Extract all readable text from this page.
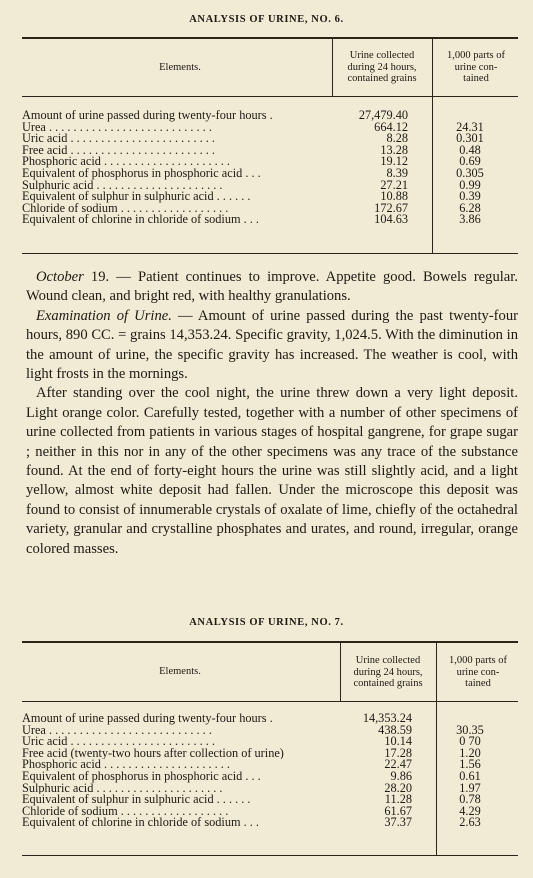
ANALYSIS OF URINE, NO. 6.
Elements.
Urine collected
during 24 hours,
contained grains
1,000 parts of
urine con-
tained
Amount of urine passed during twenty-four hours .	27,479.40
Urea . . . . . . . . . . . . . . . . . . . . . . . . . . .	664.12	24.31
Uric acid . . . . . . . . . . . . . . . . . . . . . . . .	8.28	0.301
Free acid . . . . . . . . . . . . . . . . . . . . . . . .	13.28	0.48
Phosphoric acid . . . . . . . . . . . . . . . . . . . . .	19.12	0.69
Equivalent of phosphorus in phosphoric acid . . .	8.39	0.305
Sulphuric acid . . . . . . . . . . . . . . . . . . . . .	27.21	0.99
Equivalent of sulphur in sulphuric acid . . . . . .	10.88	0.39
Chloride of sodium . . . . . . . . . . . . . . . . . .	172.67	6.28
Equivalent of chlorine in chloride of sodium . . .	104.63	3.86

October 19. — Patient continues to improve. Appetite good. Bowels regular. Wound clean, and bright red, with healthy granulations.

Examination of Urine. — Amount of urine passed during the past twenty-four hours, 890 CC. = grains 14,353.24. Specific gravity, 1,024.5. With the diminution in the amount of urine, the specific gravity has increased. The weather is cool, with light frosts in the mornings.

After standing over the cool night, the urine threw down a very light deposit. Light orange color. Carefully tested, together with a number of other specimens of urine collected from patients in various stages of hospital gangrene, for grape sugar ; neither in this nor in any of the other specimens was any trace of the substance found. At the end of forty-eight hours the urine was still slightly acid, and a light yellow, almost white deposit had fallen. Under the microscope this deposit was found to consist of innumerable crystals of oxalate of lime, chiefly of the octahedral variety, granular and crystalline phosphates and urates, and round, irregular, orange colored masses.

ANALYSIS OF URINE, NO. 7.
Elements.
Urine collected
during 24 hours,
contained grains
1,000 parts of
urine con-
tained
Amount of urine passed during twenty-four hours .	14,353.24
Urea . . . . . . . . . . . . . . . . . . . . . . . . . . .	438.59	30.35
Uric acid . . . . . . . . . . . . . . . . . . . . . . . .	10.14	0 70
Free acid (twenty-two hours after collection of urine)	17.28	1.20
Phosphoric acid . . . . . . . . . . . . . . . . . . . . .	22.47	1.56
Equivalent of phosphorus in phosphoric acid . . .	9.86	0.61
Sulphuric acid . . . . . . . . . . . . . . . . . . . . .	28.20	1.97
Equivalent of sulphur in sulphuric acid . . . . . .	11.28	0.78
Chloride of sodium . . . . . . . . . . . . . . . . . .	61.67	4.29
Equivalent of chlorine in chloride of sodium . . .	37.37	2.63
